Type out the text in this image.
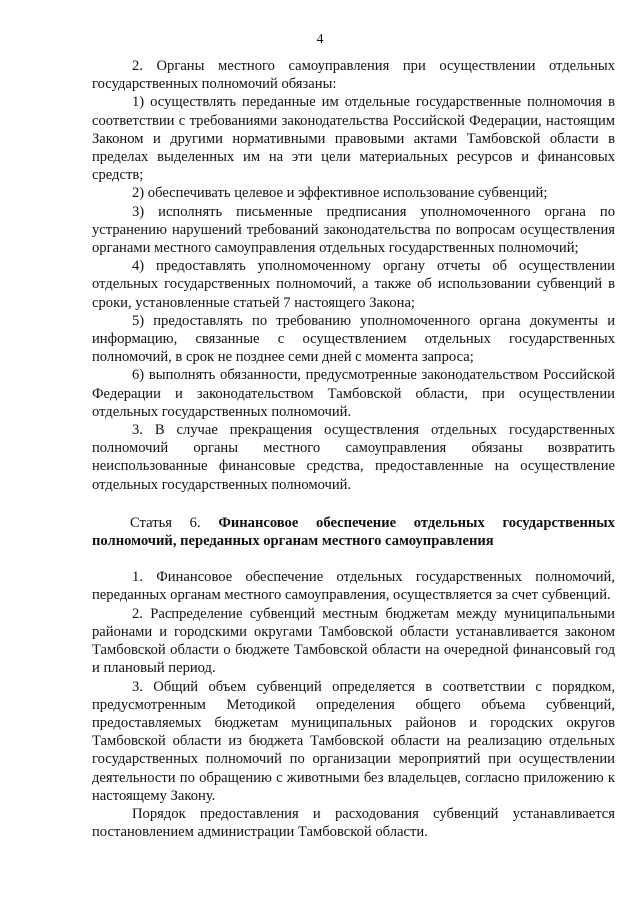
4

2. Органы местного самоуправления при осуществлении отдельных государственных полномочий обязаны:

1) осуществлять переданные им отдельные государственные полномочия в соответствии с требованиями законодательства Российской Федерации, настоящим Законом и другими нормативными правовыми актами Тамбовской области в пределах выделенных им на эти цели материальных ресурсов и финансовых средств;

2) обеспечивать целевое и эффективное использование субвенций;

3) исполнять письменные предписания уполномоченного органа по устранению нарушений требований законодательства по вопросам осуществления органами местного самоуправления отдельных государственных полномочий;

4) предоставлять уполномоченному органу отчеты об осуществлении отдельных государственных полномочий, а также об использовании субвенций в сроки, установленные статьей 7 настоящего Закона;

5) предоставлять по требованию уполномоченного органа документы и информацию, связанные с осуществлением отдельных государственных полномочий, в срок не позднее семи дней с момента запроса;

6) выполнять обязанности, предусмотренные законодательством Российской Федерации и законодательством Тамбовской области, при осуществлении отдельных государственных полномочий.

3. В случае прекращения осуществления отдельных государственных полномочий органы местного самоуправления обязаны возвратить неиспользованные финансовые средства, предоставленные на осуществление отдельных государственных полномочий.

Статья 6. Финансовое обеспечение отдельных государственных полномочий, переданных органам местного самоуправления

1. Финансовое обеспечение отдельных государственных полномочий, переданных органам местного самоуправления, осуществляется за счет субвенций.

2. Распределение субвенций местным бюджетам между муниципальными районами и городскими округами Тамбовской области устанавливается законом Тамбовской области о бюджете Тамбовской области на очередной финансовый год и плановый период.

3. Общий объем субвенций определяется в соответствии с порядком, предусмотренным Методикой определения общего объема субвенций, предоставляемых бюджетам муниципальных районов и городских округов Тамбовской области из бюджета Тамбовской области на реализацию отдельных государственных полномочий по организации мероприятий при осуществлении деятельности по обращению с животными без владельцев, согласно приложению к настоящему Закону.

Порядок предоставления и расходования субвенций устанавливается постановлением администрации Тамбовской области.
